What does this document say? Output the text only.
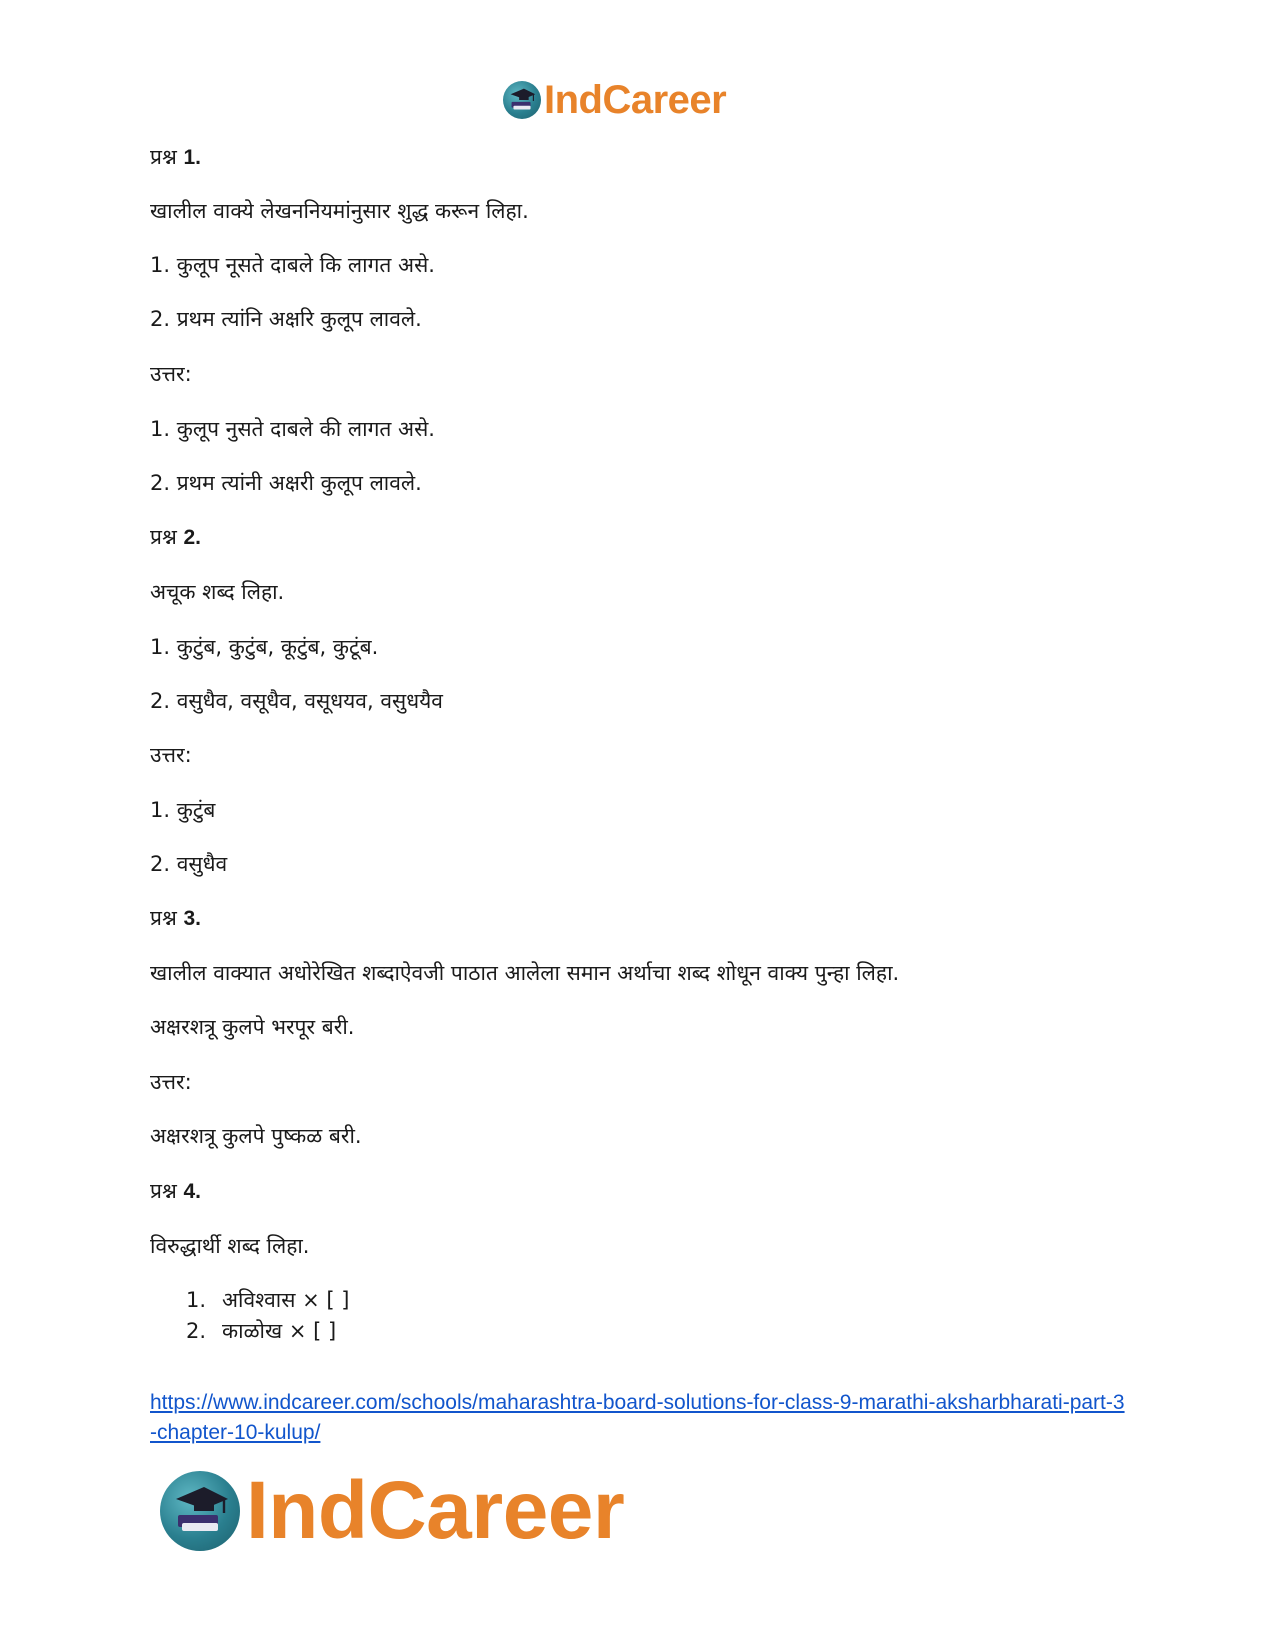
IndCareer
प्रश्न 1.
खालील वाक्ये लेखननियमांनुसार शुद्ध करून लिहा.
1. कुलूप नूसते दाबले कि लागत असे.
2. प्रथम त्यांनि अक्षरि कुलूप लावले.
उत्तर:
1. कुलूप नुसते दाबले की लागत असे.
2. प्रथम त्यांनी अक्षरी कुलूप लावले.
प्रश्न 2.
अचूक शब्द लिहा.
1. कुटुंब, कुटुंब, कूटुंब, कुटूंब.
2. वसुधैव, वसूधैव, वसूधयव, वसुधयैव
उत्तर:
1. कुटुंब
2. वसुधैव
प्रश्न 3.
खालील वाक्यात अधोरेखित शब्दाऐवजी पाठात आलेला समान अर्थाचा शब्द शोधून वाक्य पुन्हा लिहा.
अक्षरशत्रू कुलपे भरपूर बरी.
उत्तर:
अक्षरशत्रू कुलपे पुष्कळ बरी.
प्रश्न 4.
विरुद्धार्थी शब्द लिहा.
1. अविश्वास × [ ]
2. काळोख × [ ]
https://www.indcareer.com/schools/maharashtra-board-solutions-for-class-9-marathi-aksharbharati-part-3-chapter-10-kulup/
IndCareer
